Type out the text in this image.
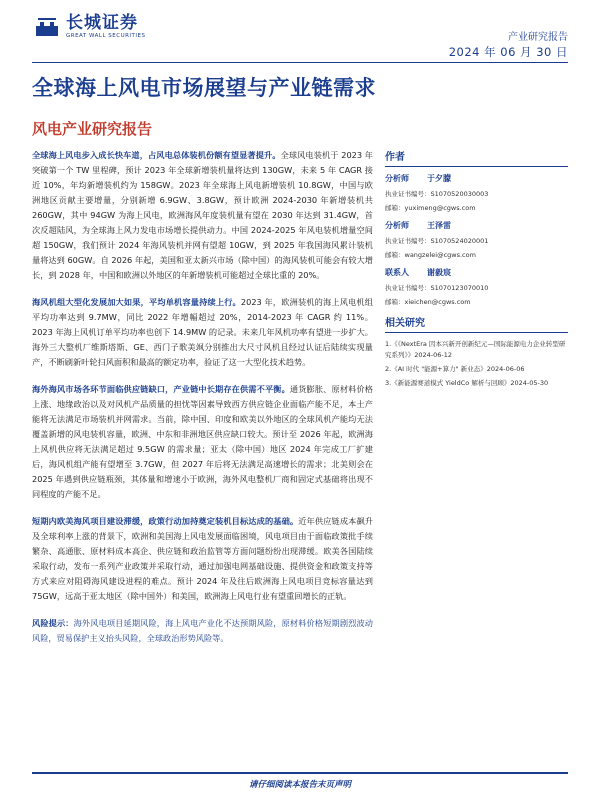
长城证券
GREAT WALL SECURITIES	产业研究报告
2024 年 06 月 30 日
全球海上风电市场展望与产业链需求
风电产业研究报告

全球海上风电步入成长快车道，占风电总体装机份额有望显著提升。全球风电装机于 2023 年突破第一个 TW 里程碑，预计 2023 年全球新增装机量将达到 130GW，未来 5 年 CAGR 接近 10%，年均新增装机约为 158GW。2023 年全球海上风电新增装机 10.8GW，中国与欧洲地区贡献主要增量，分别新增 6.9GW、3.8GW，预计欧洲 2024-2030 年新增装机共 260GW，其中 94GW 为海上风电，欧洲海风年度装机量有望在 2030 年达到 31.4GW，首次反超陆风，为全球海上风力发电市场增长提供动力。中国 2024-2025 年风电装机增量空间超 150GW，我们预计 2024 年海风装机并网有望超 10GW，到 2025 年我国海风累计装机量将达到 60GW。自 2026 年起，美国和亚太新兴市场（除中国）的海风装机可能会有较大增长，到 2028 年，中国和欧洲以外地区的年新增装机可能超过全球比重的 20%。

海风机组大型化发展加大如果，平均单机容量持续上行。2023 年，欧洲装机的海上风电机组平均功率达到 9.7MW，同比 2022 年增幅超过 20%，2014-2023 年 CAGR 约 11%。2023 年海上风机订单平均功率也创下 14.9MW 的记录。未来几年风机功率有望进一步扩大。海外三大整机厂维斯塔斯、GE、西门子歌美飒分别推出大尺寸风机且经过认证后陆续实现量产，不断刷新叶轮扫风面积和最高的额定功率，验证了这一大型化技术趋势。

海外海风市场各环节面临供应链缺口，产业链中长期存在供需不平衡。通货膨胀、原材料价格上涨、地缘政治以及对风机产品质量的担忧等因素导致西方供应链企业面临产能不足，本土产能将无法满足市场装机并网需求。当前，除中国、印度和欧美以外地区的全球风机产能均无法覆盖新增的风电装机容量，欧洲、中东和非洲地区供应缺口较大。预计至 2026 年起，欧洲海上风机供应将无法满足超过 9.5GW 的需求量；亚太（除中国）地区 2024 年完成工厂扩建后，海风机组产能有望增至 3.7GW，但 2027 年后将无法满足高速增长的需求；北美则会在 2025 年遇到供应链瓶颈，其体量和增速小于欧洲，海外风电整机厂商和固定式基础将出现不同程度的产能不足。

短期内欧美海风项目建设滞缓，政策行动加持奠定装机目标达成的基础。近年供应链成本飙升及全球利率上涨的背景下，欧洲和美国海上风电发展面临困境，风电项目由于面临政策批手续繁杂、高通胀、原材料成本高企、供应链和政治监管等方面问题纷纷出现滞缓。欧美各国陆续采取行动，发布一系列产业政策并采取行动，通过加强电网基础设施、提供资金和政策支持等方式来应对阻碍海风建设进程的难点。预计 2024 年及往后欧洲海上风电项目竞标容量达到 75GW，远高于亚太地区（除中国外）和美国，欧洲海上风电行业有望重回增长的正轨。

风险提示：海外风电项目延期风险，海上风电产业化不达预期风险，原材料价格短期剧烈波动风险，贸易保护主义抬头风险，全球政治形势风险等。

作者
分析师	于夕朦
执业证书编号：S1070520030003
邮箱：yuximeng@cgws.com
分析师	王泽雷
执业证书编号：S1070524020001
邮箱：wangzelei@cgws.com
联系人	谢毅宸
执业证书编号：S1070123070010
邮箱：xieichen@cgws.com
相关研究
1.《《NextEra 因本兴新开创新纪元—国际能源电力企业转型研究系列》》2024-06-12
2.《AI 时代 "能源+算力" 新业态》2024-06-06
3.《新能源赛道模式 YieldCo 解析与回顾》2024-05-30
请仔细阅读本报告末页声明
